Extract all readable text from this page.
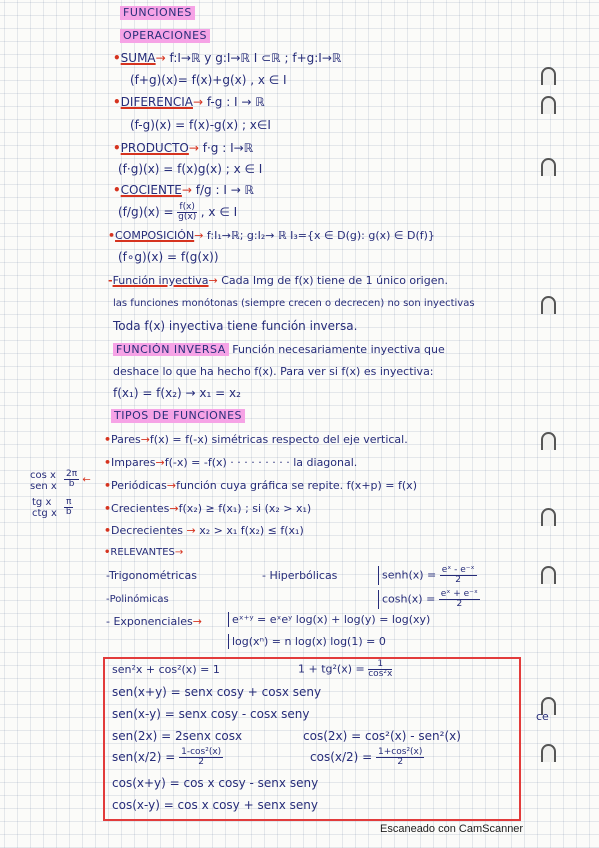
FUNCIONES
OPERACIONES
•SUMA→ f:I→ℝ y g:I→ℝ I ⊂ℝ ; f+g:I→ℝ
(f+g)(x)= f(x)+g(x) , x ∈ I
•DIFERENCIA→ f-g : I → ℝ
(f-g)(x) = f(x)-g(x) ; x∈I
•PRODUCTO→ f·g : I→ℝ
(f·g)(x) = f(x)g(x) ; x ∈ I
•COCIENTE→ f/g : I → ℝ
$(f/g)(x) = \frac{f(x)}{g(x)}$ , x ∈ I
•COMPOSICIÓN→ f:I₁→ℝ; g:I₂→ ℝ I₃={x ∈ D(g): g(x) ∈ D(f)}
(f∘g)(x) = f(g(x))
-Función inyectiva→ Cada Img de f(x) tiene de 1 único origen.
las funciones monótonas (siempre crecen o decrecen) no son inyectivas
Toda f(x) inyectiva tiene función inversa.
FUNCIÓN INVERSA Función necesariamente inyectiva que
deshace lo que ha hecho f(x). Para ver si f(x) es inyectiva:
f(x₁) = f(x₂) → x₁ = x₂
TIPOS DE FUNCIONES
•Pares→f(x) = f(-x) simétricas respecto del eje vertical.
•Impares→f(-x) = -f(x) · · · · · · · · · la diagonal.
•Periódicas→función cuya gráfica se repite. f(x+p) = f(x)
•Crecientes→f(x₂) ≥ f(x₁) ; si (x₂ > x₁)
•Decrecientes → x₂ > x₁ f(x₂) ≤ f(x₁)
•RELEVANTES→
-Trigonométricas	- Hiperbólicas	senh(x) = $\frac{\text{eˣ - e⁻ˣ}}{2}$
$\cosh(x) = \frac{\text{eˣ + e⁻ˣ}}{2}$
-Polinómicas
- Exponenciales→	eˣ⁺ʸ = eˣeʸ log(x) + log(y) = log(xy)
log(xⁿ) = n log(x) log(1) = 0
cos x
sen x $\frac{2\pi}{b}$ ←
tg x
ctg x $\frac{\pi}{b}$
sen²x + cos²(x) = 1	$1 + tg^2(x) = \frac{1}{\text{cos²x}}$
sen(x+y) = senx cosy + cosx seny
sen(x-y) = senx cosy - cosx seny
sen(2x) = 2senx cosx	cos(2x) = cos²(x) - sen²(x)
$sen(x/2) = \frac{\text{1-cos²(x)}}{2}$	$\cos(x/2) = \frac{\text{1+cos²(x)}}{2}$
cos(x+y) = cos x cosy - senx seny
cos(x-y) = cos x cosy + senx seny
ce
Escaneado con CamScanner
